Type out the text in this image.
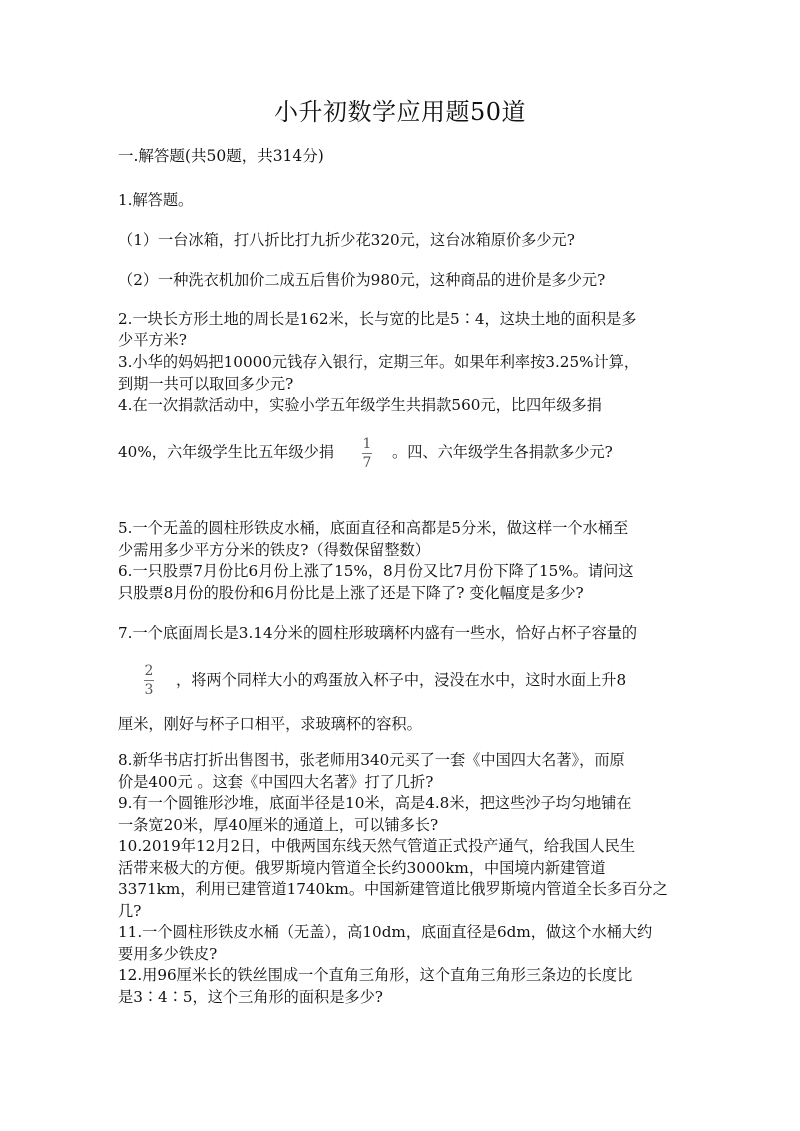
小升初数学应用题50道
一.解答题(共50题，共314分)
1.解答题。
（1）一台冰箱，打八折比打九折少花320元，这台冰箱原价多少元?
（2）一种洗衣机加价二成五后售价为980元，这种商品的进价是多少元?
2.一块长方形土地的周长是162米，长与宽的比是5∶4，这块土地的面积是多
少平方米?
3.小华的妈妈把10000元钱存入银行，定期三年。如果年利率按3.25%计算，
到期一共可以取回多少元?
4.在一次捐款活动中，实验小学五年级学生共捐款560元，比四年级多捐
40%，六年级学生比五年级少捐 1
7
。四、六年级学生各捐款多少元?
5.一个无盖的圆柱形铁皮水桶，底面直径和高都是5分米，做这样一个水桶至
少需用多少平方分米的铁皮?（得数保留整数）
6.一只股票7月份比6月份上涨了15%，8月份又比7月份下降了15%。请问这
只股票8月份的股份和6月份比是上涨了还是下降了? 变化幅度是多少?
7.一个底面周长是3.14分米的圆柱形玻璃杯内盛有一些水，恰好占杯子容量的
2
3
，将两个同样大小的鸡蛋放入杯子中，浸没在水中，这时水面上升8
厘米，刚好与杯子口相平，求玻璃杯的容积。
8.新华书店打折出售图书，张老师用340元买了一套《中国四大名著》，而原
价是400元 。这套《中国四大名著》打了几折?
9.有一个圆锥形沙堆，底面半径是10米，高是4.8米，把这些沙子均匀地铺在
一条宽20米，厚40厘米的通道上，可以铺多长?
10.2019年12月2日，中俄两国东线天然气管道正式投产通气，给我国人民生
活带来极大的方便。俄罗斯境内管道全长约3000km，中国境内新建管道
3371km，利用已建管道1740km。中国新建管道比俄罗斯境内管道全长多百分之
几?
11.一个圆柱形铁皮水桶（无盖），高10dm，底面直径是6dm，做这个水桶大约
要用多少铁皮?
12.用96厘米长的铁丝围成一个直角三角形，这个直角三角形三条边的长度比
是3∶4∶5，这个三角形的面积是多少?
